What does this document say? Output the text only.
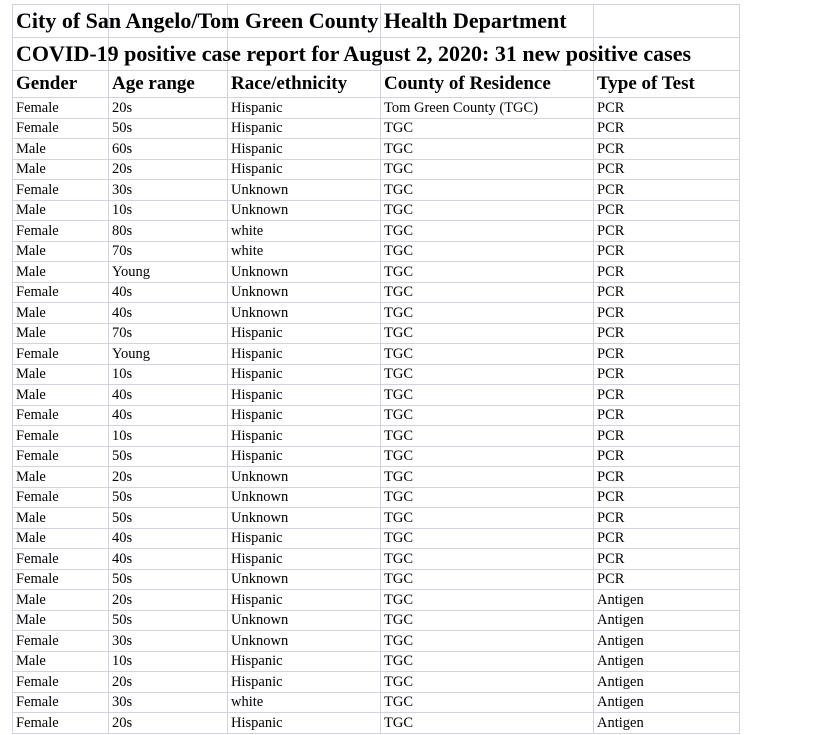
City of San Angelo/Tom Green County Health Department				

COVID-19 positive case report for August 2, 2020: 31 new positive cases				

Gender	Age range	Race/ethnicity	County of Residence	Type of Test
Female	20s	Hispanic	Tom Green County (TGC)	PCR
Female	50s	Hispanic	TGC	PCR
Male	60s	Hispanic	TGC	PCR
Male	20s	Hispanic	TGC	PCR
Female	30s	Unknown	TGC	PCR
Male	10s	Unknown	TGC	PCR
Female	80s	white	TGC	PCR
Male	70s	white	TGC	PCR
Male	Young	Unknown	TGC	PCR
Female	40s	Unknown	TGC	PCR
Male	40s	Unknown	TGC	PCR
Male	70s	Hispanic	TGC	PCR
Female	Young	Hispanic	TGC	PCR
Male	10s	Hispanic	TGC	PCR
Male	40s	Hispanic	TGC	PCR
Female	40s	Hispanic	TGC	PCR
Female	10s	Hispanic	TGC	PCR
Female	50s	Hispanic	TGC	PCR
Male	20s	Unknown	TGC	PCR
Female	50s	Unknown	TGC	PCR
Male	50s	Unknown	TGC	PCR
Male	40s	Hispanic	TGC	PCR
Female	40s	Hispanic	TGC	PCR
Female	50s	Unknown	TGC	PCR
Male	20s	Hispanic	TGC	Antigen
Male	50s	Unknown	TGC	Antigen
Female	30s	Unknown	TGC	Antigen
Male	10s	Hispanic	TGC	Antigen
Female	20s	Hispanic	TGC	Antigen
Female	30s	white	TGC	Antigen
Female	20s	Hispanic	TGC	Antigen
